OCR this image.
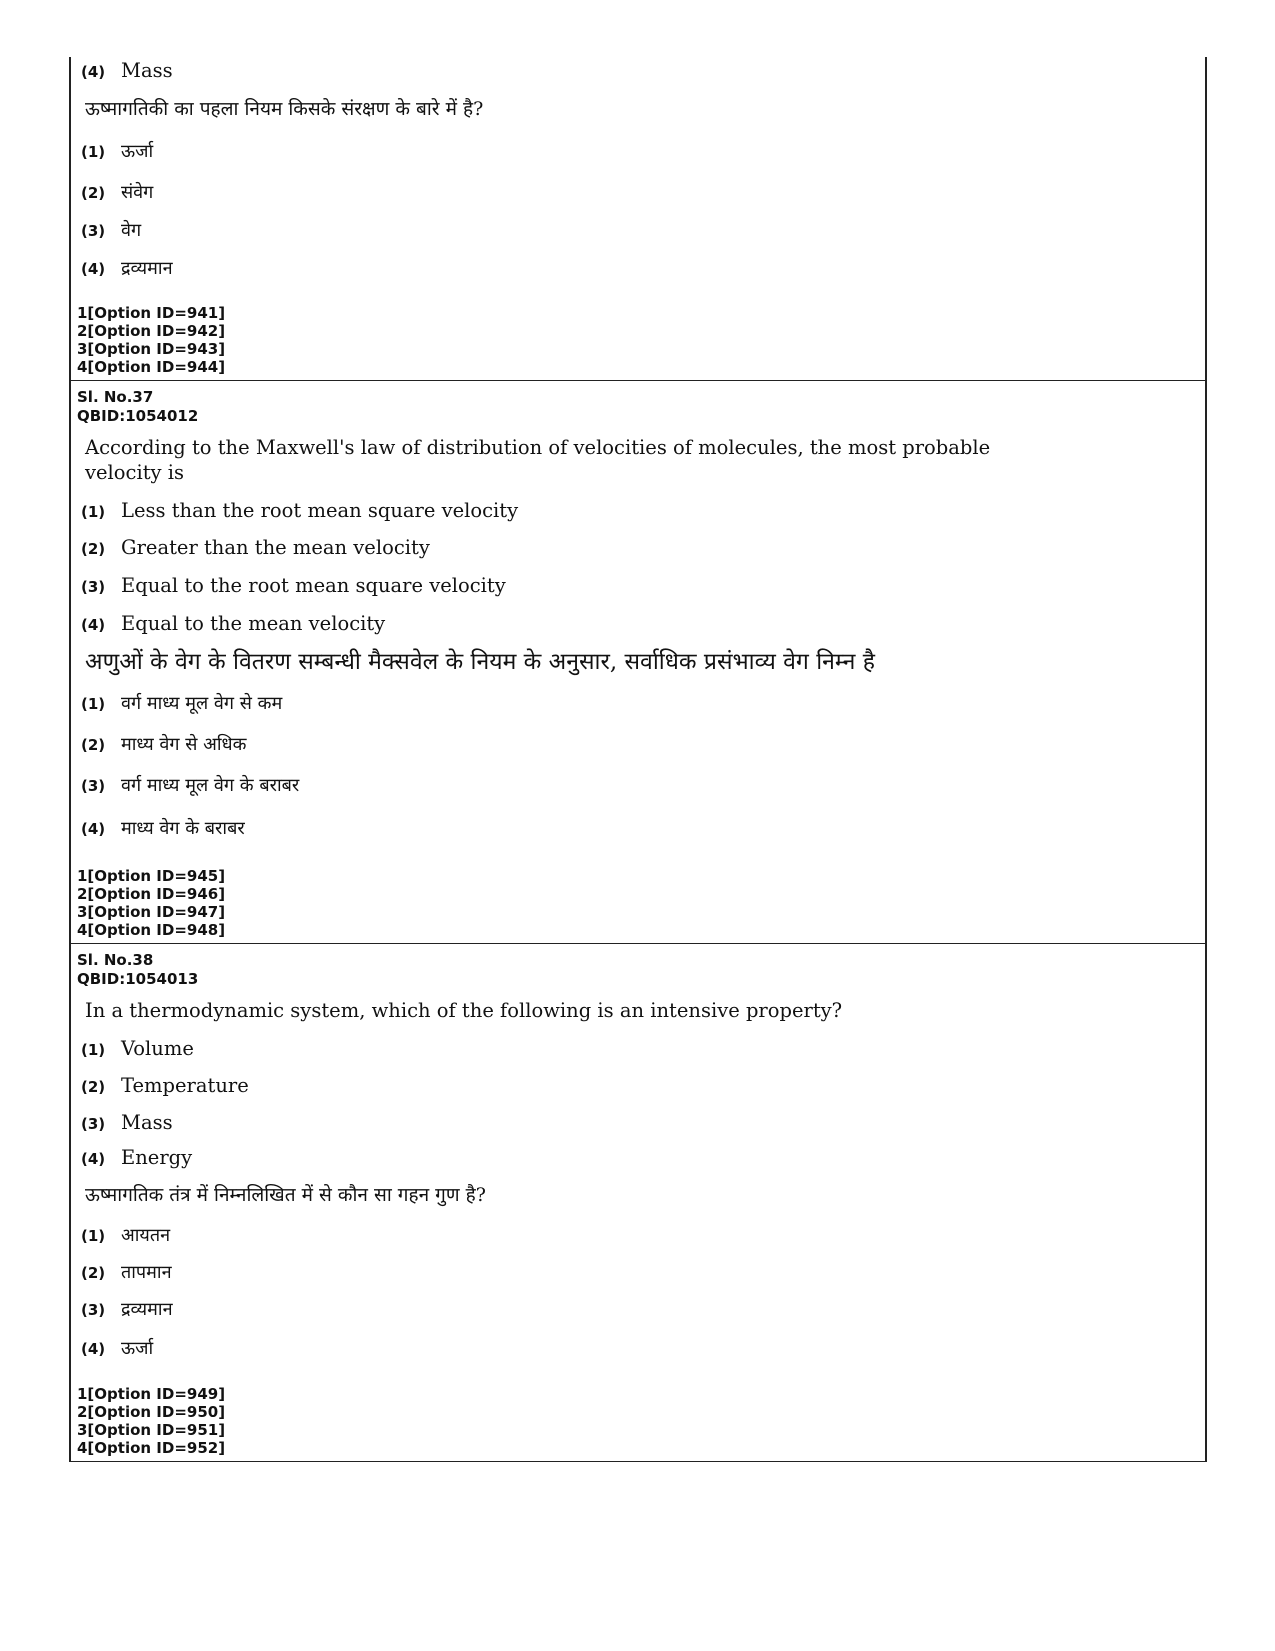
(4) Mass
ऊष्मागतिकी का पहला नियम किसके संरक्षण के बारे में है?
(1) ऊर्जा
(2) संवेग
(3) वेग
(4) द्रव्यमान
1[Option ID=941]
2[Option ID=942]
3[Option ID=943]
4[Option ID=944]
Sl. No.37
QBID:1054012
According to the Maxwell's law of distribution of velocities of molecules, the most probable velocity is
(1) Less than the root mean square velocity
(2) Greater than the mean velocity
(3) Equal to the root mean square velocity
(4) Equal to the mean velocity
अणुओं के वेग के वितरण सम्बन्धी मैक्सवेल के नियम के अनुसार, सर्वाधिक प्रसंभाव्य वेग निम्न है
(1) वर्ग माध्य मूल वेग से कम
(2) माध्य वेग से अधिक
(3) वर्ग माध्य मूल वेग के बराबर
(4) माध्य वेग के बराबर
1[Option ID=945]
2[Option ID=946]
3[Option ID=947]
4[Option ID=948]
Sl. No.38
QBID:1054013
In a thermodynamic system, which of the following is an intensive property?
(1) Volume
(2) Temperature
(3) Mass
(4) Energy
ऊष्मागतिक तंत्र में निम्नलिखित में से कौन सा गहन गुण है?
(1) आयतन
(2) तापमान
(3) द्रव्यमान
(4) ऊर्जा
1[Option ID=949]
2[Option ID=950]
3[Option ID=951]
4[Option ID=952]
